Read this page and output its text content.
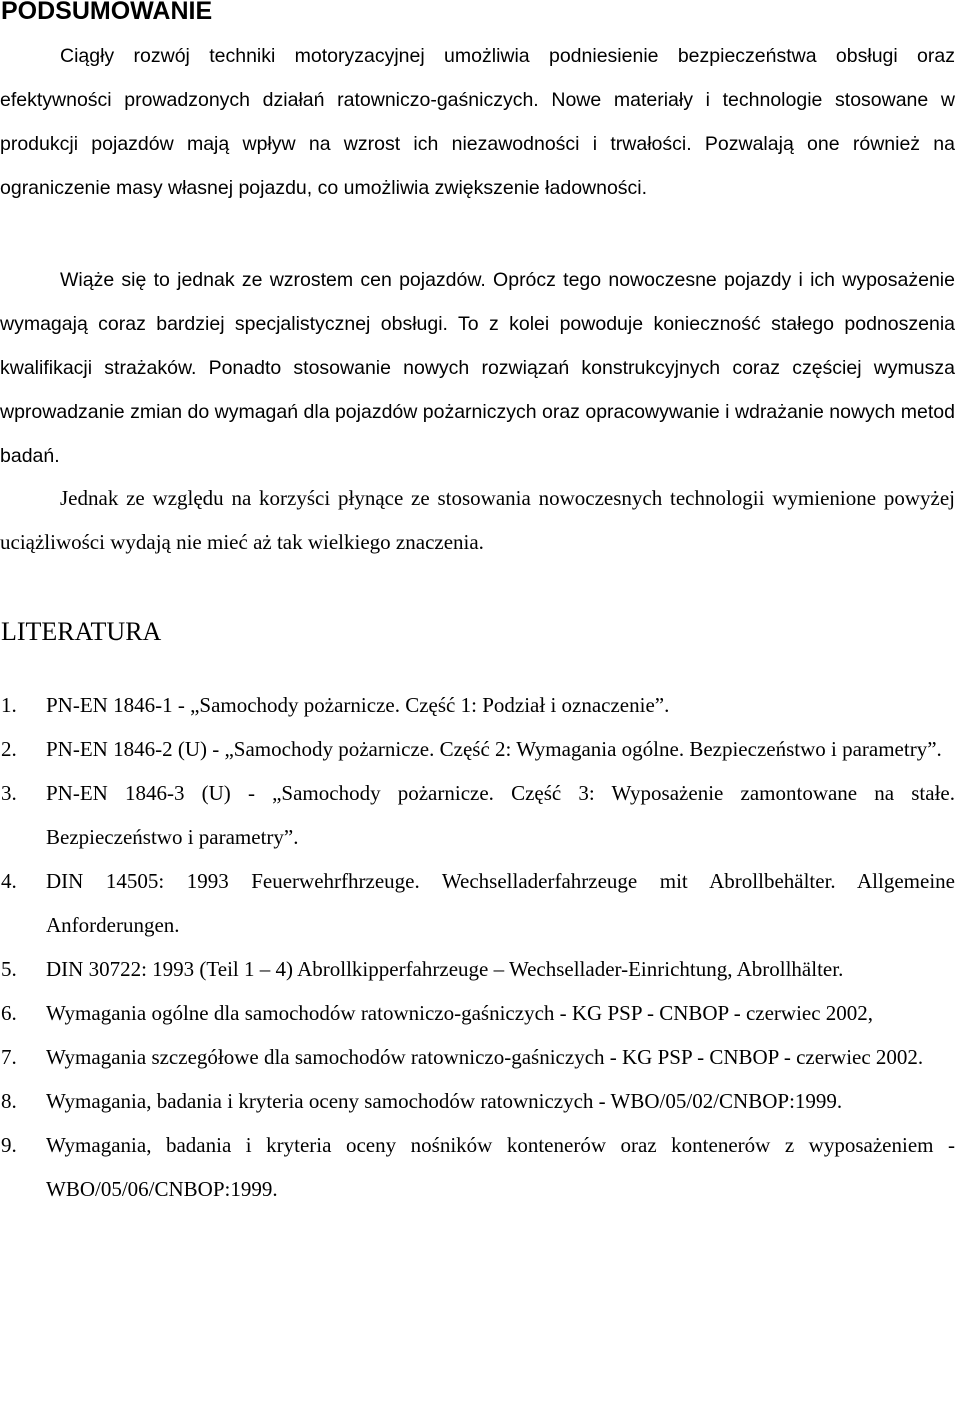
PODSUMOWANIE

Ciągły rozwój techniki motoryzacyjnej umożliwia podniesienie bezpieczeństwa obsługi oraz efektywności prowadzonych działań ratowniczo-gaśniczych. Nowe materiały i technologie stosowane w produkcji pojazdów mają wpływ na wzrost ich niezawodności i trwałości. Pozwalają one również na ograniczenie masy własnej pojazdu, co umożliwia zwiększenie ładowności.

Wiąże się to jednak ze wzrostem cen pojazdów. Oprócz tego nowoczesne pojazdy i ich wyposażenie wymagają coraz bardziej specjalistycznej obsługi. To z kolei powoduje konieczność stałego podnoszenia kwalifikacji strażaków. Ponadto stosowanie nowych rozwiązań konstrukcyjnych coraz częściej wymusza wprowadzanie zmian do wymagań dla pojazdów pożarniczych oraz opracowywanie i wdrażanie nowych metod badań.

Jednak ze względu na korzyści płynące ze stosowania nowoczesnych technologii wymienione powyżej uciążliwości wydają nie mieć aż tak wielkiego znaczenia.

LITERATURA
1. PN-EN 1846-1 - „Samochody pożarnicze. Część 1: Podział i oznaczenie”.
2. PN-EN 1846-2 (U) - „Samochody pożarnicze. Część 2: Wymagania ogólne. Bezpieczeństwo i parametry”.
3. PN-EN 1846-3 (U) - „Samochody pożarnicze. Część 3: Wyposażenie zamontowane na stałe. Bezpieczeństwo i parametry”.
4. DIN 14505: 1993 Feuerwehrfhrzeuge. Wechselladerfahrzeuge mit Abrollbehälter. Allgemeine Anforderungen.
5. DIN 30722: 1993 (Teil 1 – 4) Abrollkipperfahrzeuge – Wechsellader-Einrichtung, Abrollhälter.
6. Wymagania ogólne dla samochodów ratowniczo-gaśniczych - KG PSP - CNBOP - czerwiec 2002,
7. Wymagania szczegółowe dla samochodów ratowniczo-gaśniczych - KG PSP - CNBOP - czerwiec 2002.
8. Wymagania, badania i kryteria oceny samochodów ratowniczych - WBO/05/02/CNBOP:1999.
9. Wymagania, badania i kryteria oceny nośników kontenerów oraz kontenerów z wyposażeniem - WBO/05/06/CNBOP:1999.
